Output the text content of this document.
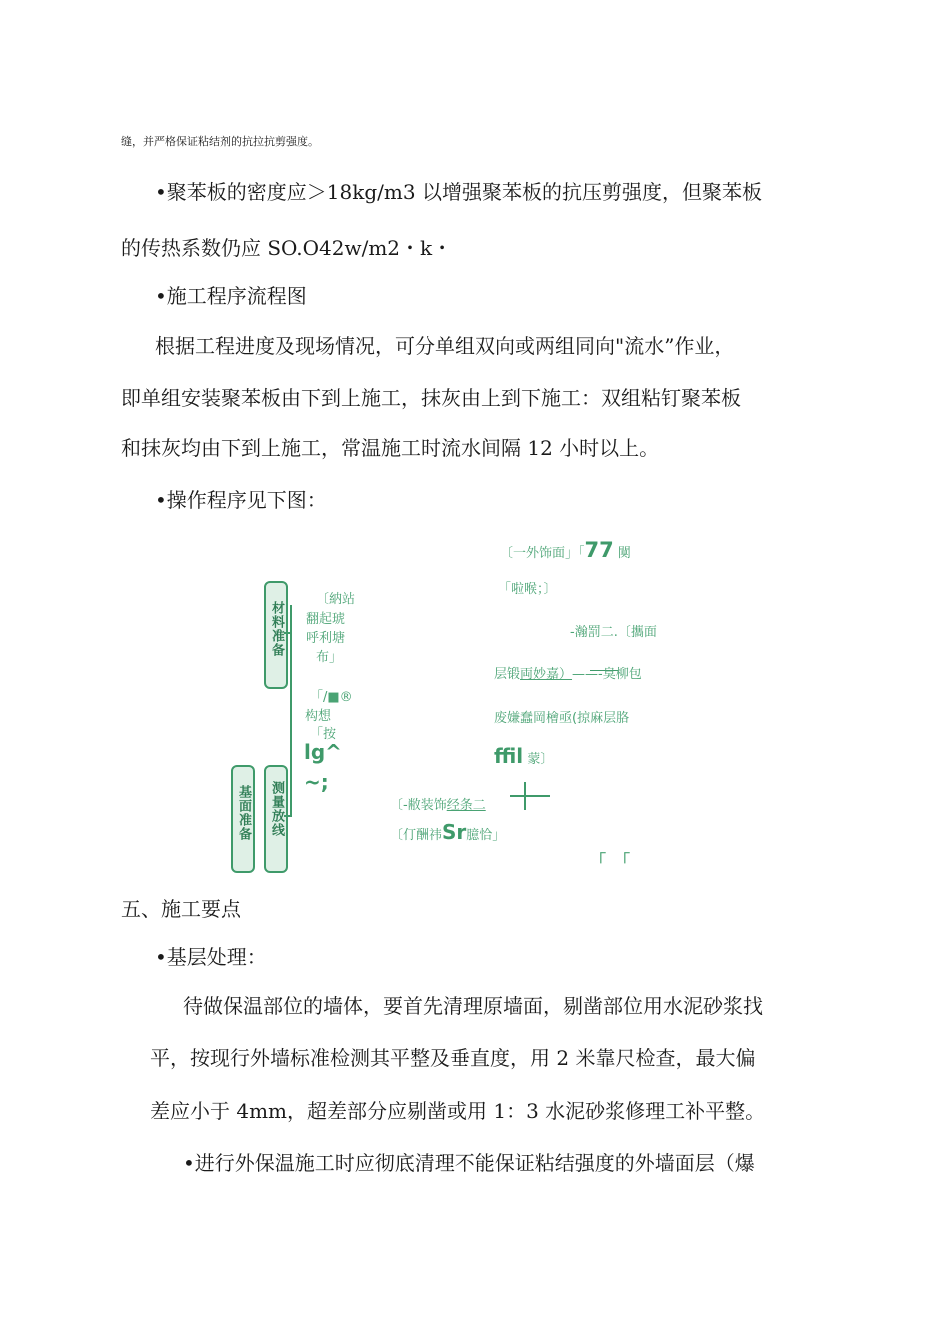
缝，并严格保证粘结剂的抗拉抗剪强度。
•聚苯板的密度应＞18kg/m3 以增强聚苯板的抗压剪强度，但聚苯板
的传热系数仍应 SO.O42w/m2・k・
•施工程序流程图
根据工程进度及现场情况，可分单组双向或两组同向"流水”作业，
即单组安装聚苯板由下到上施工，抹灰由上到下施工：双组粘钉聚苯板
和抹灰均由下到上施工，常温施工时流水间隔 12 小时以上。
•操作程序见下图：
材料准备
基面准备 测量放线
〔納站
翻起琥
呼利塘
布」
「/■®
构想
「按
lg^
~;
〔一外饰面」「77 闃
「啦喉；〕
-瀚罰二.〔攜面
层锻両妙嘉）——-臭柳包
废嫌蠢岡檜亟(掠麻层胳
ffil 蒙〕
〔-敝装饰经条二
〔仃酬祎Sr臆恰」
「　「
五、施工要点
•基层处理：
待做保温部位的墙体，要首先清理原墙面，剔凿部位用水泥砂浆找
平，按现行外墙标准检测其平整及垂直度，用 2 米靠尺检查，最大偏
差应小于 4mm，超差部分应剔凿或用 1：3 水泥砂浆修理工补平整。
•进行外保温施工时应彻底清理不能保证粘结强度的外墙面层（爆
